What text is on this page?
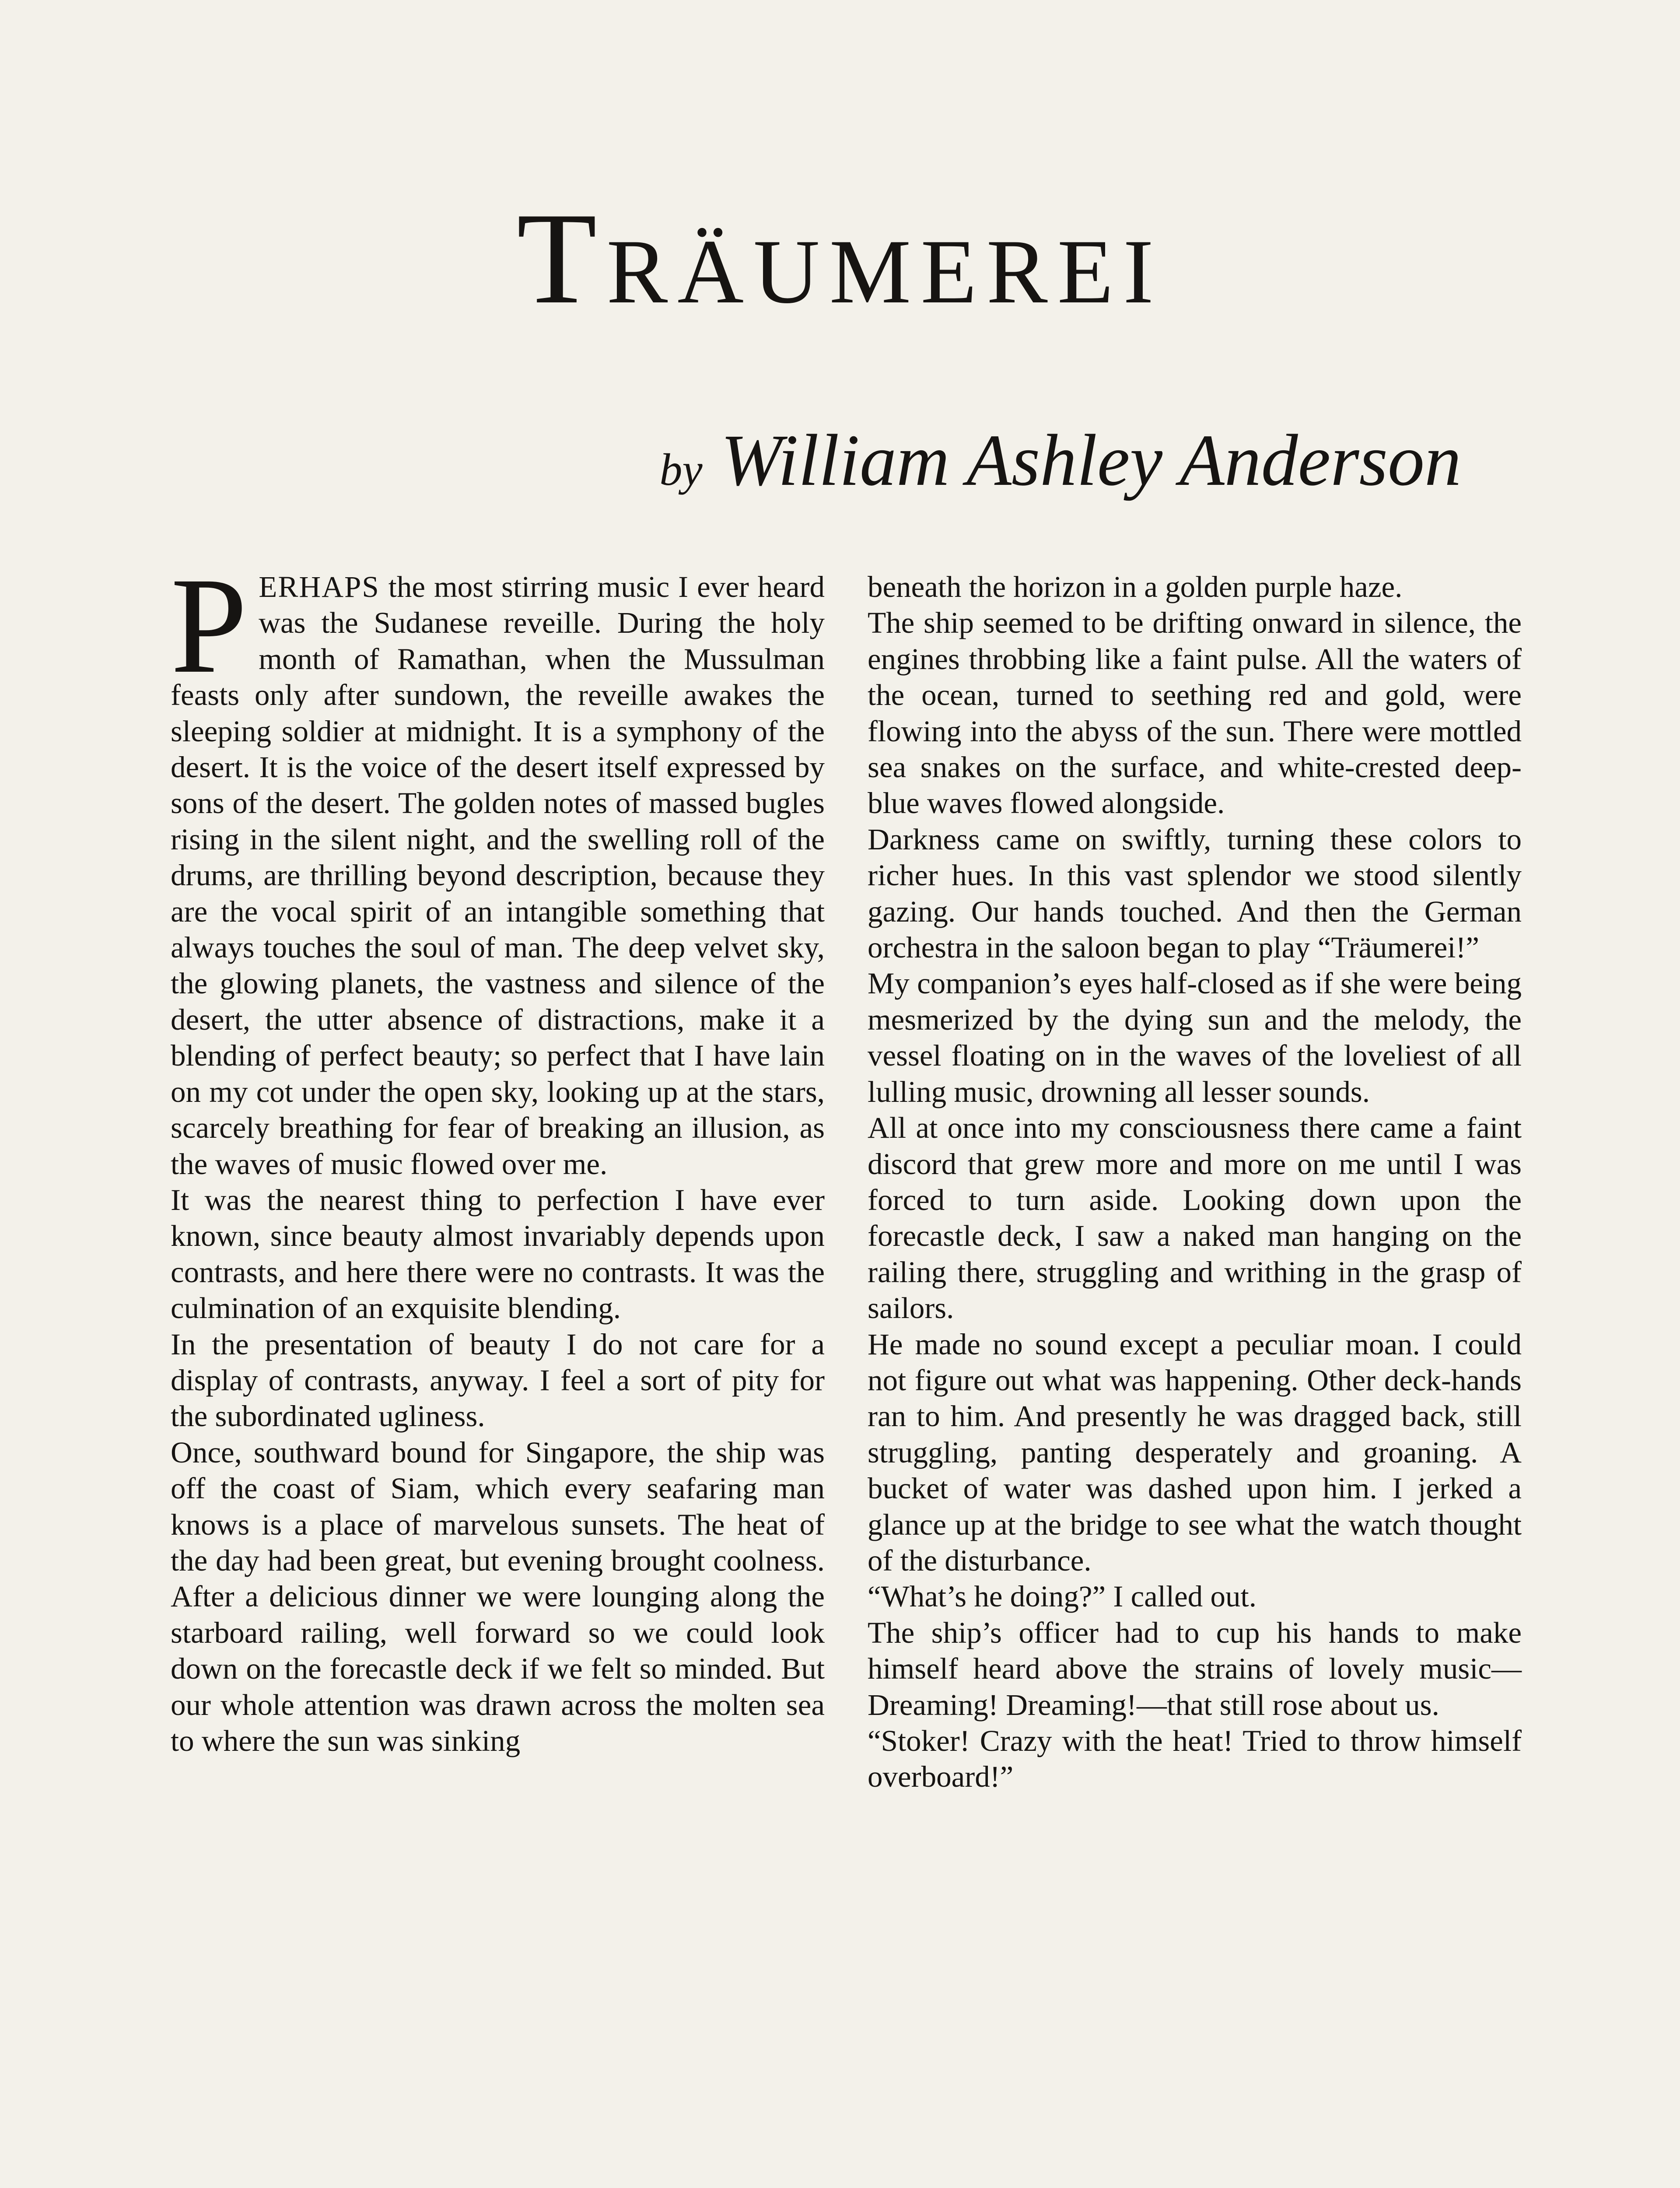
Träumerei
by William Ashley Anderson

PERHAPS the most stirring music I ever heard was the Sudanese reveille. During the holy month of Ramathan, when the Mussulman feasts only after sundown, the reveille awakes the sleeping soldier at midnight. It is a symphony of the desert. It is the voice of the desert itself expressed by sons of the desert. The golden notes of massed bugles rising in the silent night, and the swelling roll of the drums, are thrilling beyond description, because they are the vocal spirit of an intangible something that always touches the soul of man. The deep velvet sky, the glowing planets, the vastness and silence of the desert, the utter absence of distractions, make it a blending of perfect beauty; so perfect that I have lain on my cot under the open sky, looking up at the stars, scarcely breathing for fear of breaking an illusion, as the waves of music flowed over me.

It was the nearest thing to perfection I have ever known, since beauty almost invariably depends upon contrasts, and here there were no contrasts. It was the culmination of an exquisite blending.

In the presentation of beauty I do not care for a display of contrasts, anyway. I feel a sort of pity for the subordinated ugliness.

Once, southward bound for Singapore, the ship was off the coast of Siam, which every seafaring man knows is a place of marvelous sunsets. The heat of the day had been great, but evening brought coolness. After a delicious dinner we were lounging along the starboard railing, well forward so we could look down on the forecastle deck if we felt so minded. But our whole attention was drawn across the molten sea to where the sun was sinking

beneath the horizon in a golden purple haze.

The ship seemed to be drifting onward in silence, the engines throbbing like a faint pulse. All the waters of the ocean, turned to seething red and gold, were flowing into the abyss of the sun. There were mottled sea snakes on the surface, and white-crested deep-blue waves flowed alongside.

Darkness came on swiftly, turning these colors to richer hues. In this vast splendor we stood silently gazing. Our hands touched. And then the German orchestra in the saloon began to play “Träumerei!”

My companion’s eyes half-closed as if she were being mesmerized by the dying sun and the melody, the vessel floating on in the waves of the loveliest of all lulling music, drowning all lesser sounds.

All at once into my consciousness there came a faint discord that grew more and more on me until I was forced to turn aside. Looking down upon the forecastle deck, I saw a naked man hanging on the railing there, struggling and writhing in the grasp of sailors.

He made no sound except a peculiar moan. I could not figure out what was happening. Other deck-hands ran to him. And presently he was dragged back, still struggling, panting desperately and groaning. A bucket of water was dashed upon him. I jerked a glance up at the bridge to see what the watch thought of the disturbance.

“What’s he doing?” I called out.

The ship’s officer had to cup his hands to make himself heard above the strains of lovely music—Dreaming! Dreaming!—that still rose about us.

“Stoker! Crazy with the heat! Tried to throw himself overboard!”
